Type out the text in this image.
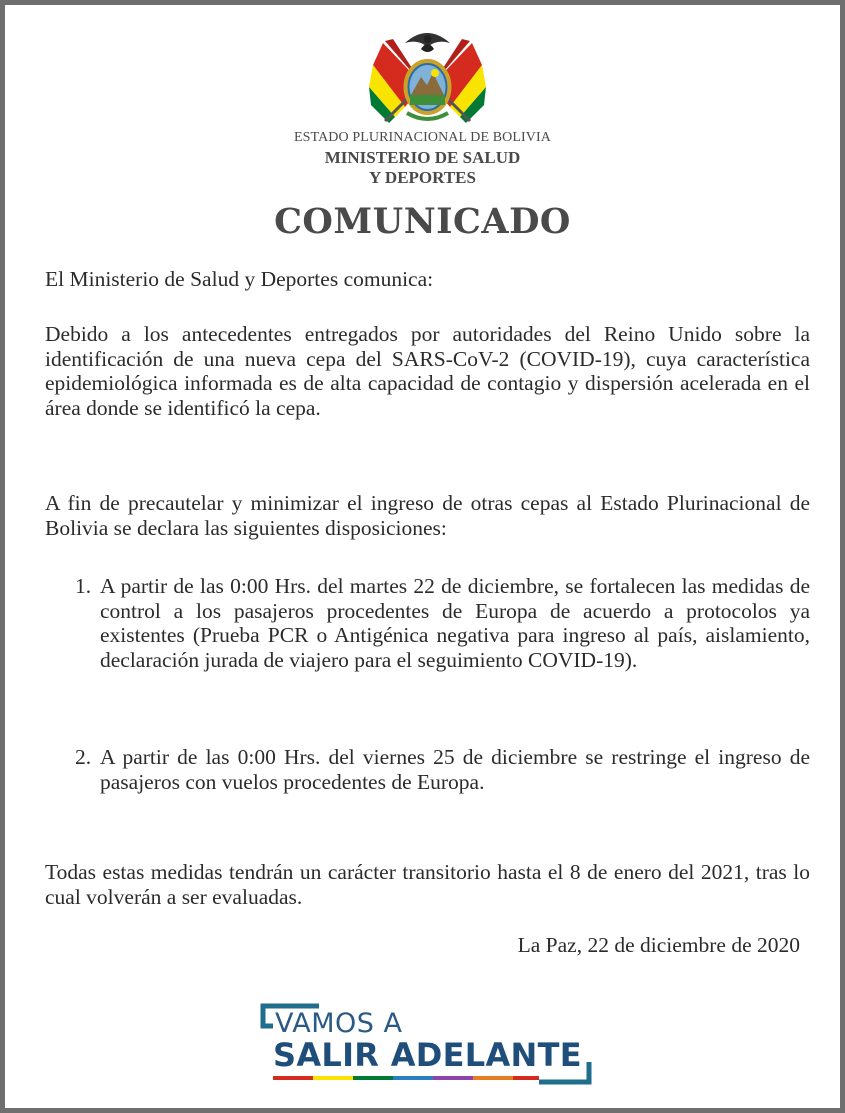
ESTADO PLURINACIONAL DE BOLIVIA
MINISTERIO DE SALUD
Y DEPORTES
COMUNICADO
El Ministerio de Salud y Deportes comunica:
Debido a los antecedentes entregados por autoridades del Reino Unido sobre la identificación de una nueva cepa del SARS-CoV-2 (COVID-19), cuya característica epidemiológica informada es de alta capacidad de contagio y dispersión acelerada en el área donde se identificó la cepa.
A fin de precautelar y minimizar el ingreso de otras cepas al Estado Plurinacional de Bolivia se declara las siguientes disposiciones:
1. A partir de las 0:00 Hrs. del martes 22 de diciembre, se fortalecen las medidas de control a los pasajeros procedentes de Europa de acuerdo a protocolos ya existentes (Prueba PCR o Antigénica negativa para ingreso al país, aislamiento, declaración jurada de viajero para el seguimiento COVID-19).
2. A partir de las 0:00 Hrs. del viernes 25 de diciembre se restringe el ingreso de pasajeros con vuelos procedentes de Europa.
Todas estas medidas tendrán un carácter transitorio hasta el 8 de enero del 2021, tras lo cual volverán a ser evaluadas.
La Paz, 22 de diciembre de 2020
VAMOS A
SALIR ADELANTE
